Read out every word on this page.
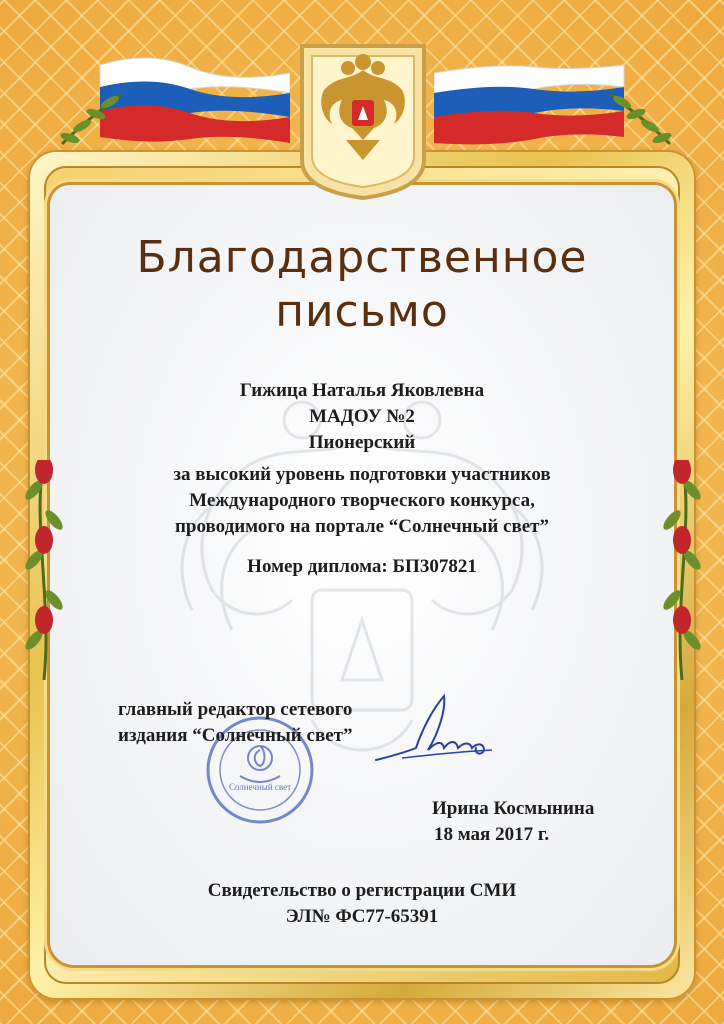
Благодарственное
письмо

Гижица Наталья Яковлевна

МАДОУ №2

Пионерский

за высокий уровень подготовки участников

Международного творческого конкурса,

проводимого на портале “Солнечный свет”

Номер диплома: БП307821

Солнечный свет

главный редактор сетевого
издания “Солнечный свет”

Ирина Космынина
18 мая 2017 г.

Свидетельство о регистрации СМИ

ЭЛ№ ФС77-65391
